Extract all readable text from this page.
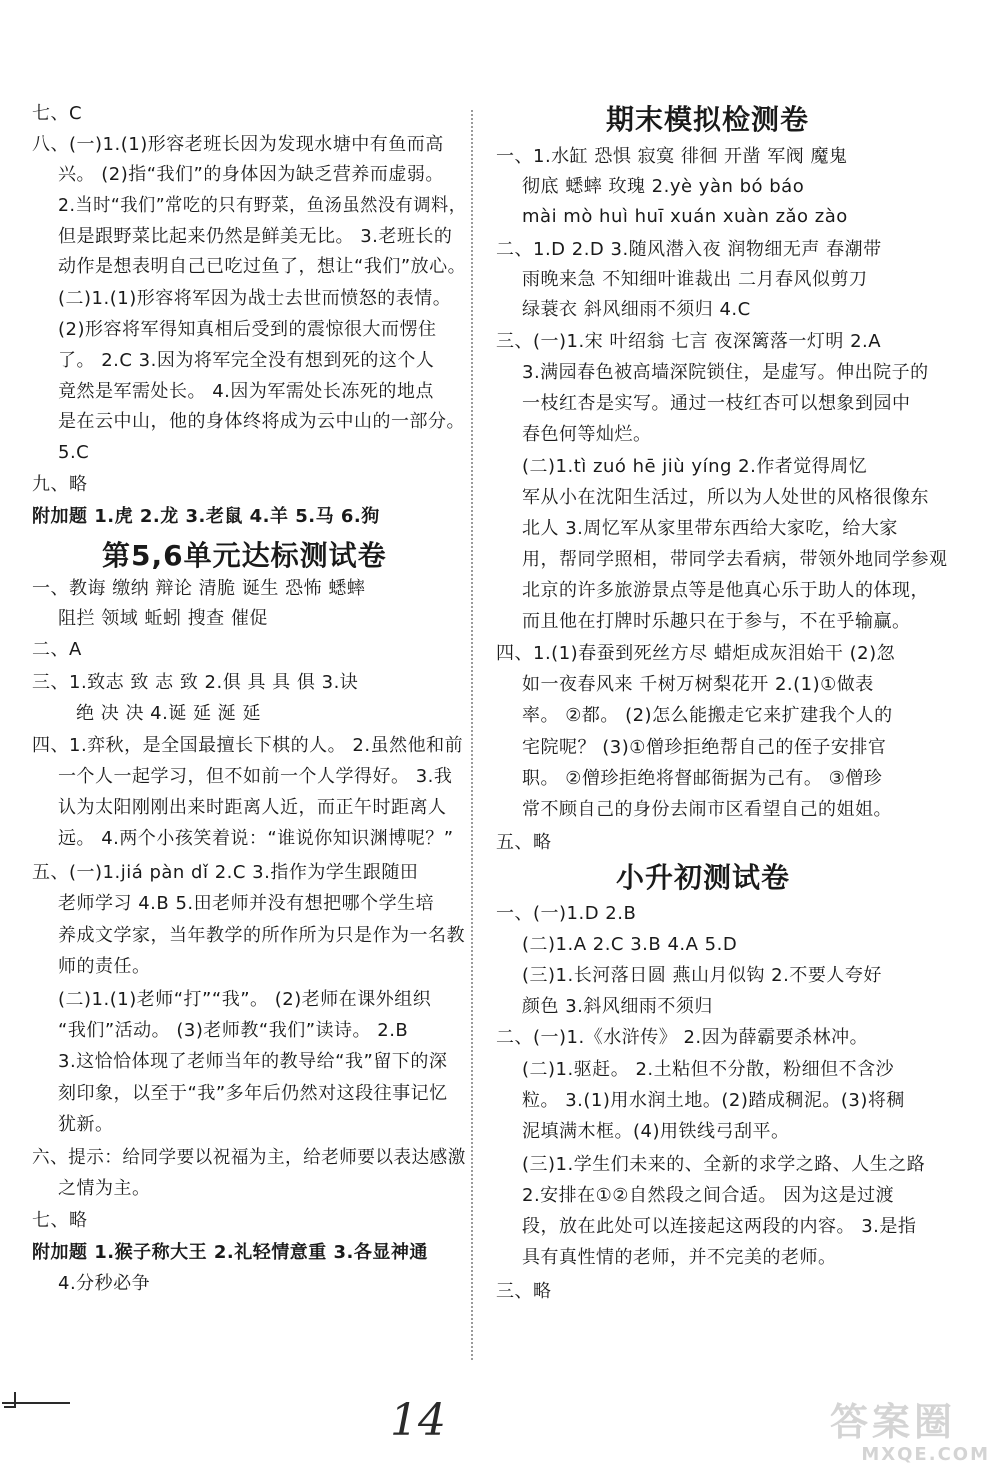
七、C
八、(一)1.(1)形容老班长因为发现水塘中有鱼而高
兴。 (2)指“我们”的身体因为缺乏营养而虚弱。
2.当时“我们”常吃的只有野菜，鱼汤虽然没有调料，
但是跟野菜比起来仍然是鲜美无比。 3.老班长的
动作是想表明自己已吃过鱼了，想让“我们”放心。
(二)1.(1)形容将军因为战士去世而愤怒的表情。
(2)形容将军得知真相后受到的震惊很大而愣住
了。 2.C 3.因为将军完全没有想到死的这个人
竟然是军需处长。 4.因为军需处长冻死的地点
是在云中山，他的身体终将成为云中山的一部分。
5.C
九、略
附加题 1.虎 2.龙 3.老鼠 4.羊 5.马 6.狗
第5,6单元达标测试卷
一、教诲 缴纳 辩论 清脆 诞生 恐怖 蟋蟀
阻拦 领域 蚯蚓 搜查 催促
二、A
三、1.致志 致 志 致 2.俱 具 具 俱 3.诀
绝 决 决 4.诞 延 涎 延
四、1.弈秋，是全国最擅长下棋的人。 2.虽然他和前
一个人一起学习，但不如前一个人学得好。 3.我
认为太阳刚刚出来时距离人近，而正午时距离人
远。 4.两个小孩笑着说：“谁说你知识渊博呢？”
五、(一)1.jiá pàn dǐ 2.C 3.指作为学生跟随田
老师学习 4.B 5.田老师并没有想把哪个学生培
养成文学家，当年教学的所作所为只是作为一名教
师的责任。
(二)1.(1)老师“打”“我”。 (2)老师在课外组织
“我们”活动。 (3)老师教“我们”读诗。 2.B
3.这恰恰体现了老师当年的教导给“我”留下的深
刻印象，以至于“我”多年后仍然对这段往事记忆
犹新。
六、提示：给同学要以祝福为主，给老师要以表达感激
之情为主。
七、略
附加题 1.猴子称大王 2.礼轻情意重 3.各显神通
4.分秒必争
期末模拟检测卷
一、1.水缸 恐惧 寂寞 徘徊 开凿 军阀 魔鬼
彻底 蟋蟀 玫瑰 2.yè yàn bó báo
mài mò huì huī xuán xuàn zǎo zào
二、1.D 2.D 3.随风潜入夜 润物细无声 春潮带
雨晚来急 不知细叶谁裁出 二月春风似剪刀
绿蓑衣 斜风细雨不须归 4.C
三、(一)1.宋 叶绍翁 七言 夜深篱落一灯明 2.A
3.满园春色被高墙深院锁住，是虚写。伸出院子的
一枝红杏是实写。通过一枝红杏可以想象到园中
春色何等灿烂。
(二)1.tì zuó hē jiù yíng 2.作者觉得周忆
军从小在沈阳生活过，所以为人处世的风格很像东
北人 3.周忆军从家里带东西给大家吃，给大家
用，帮同学照相，带同学去看病，带领外地同学参观
北京的许多旅游景点等是他真心乐于助人的体现，
而且他在打牌时乐趣只在于参与，不在乎输赢。
四、1.(1)春蚕到死丝方尽 蜡炬成灰泪始干 (2)忽
如一夜春风来 千树万树梨花开 2.(1)①做表
率。 ②都。 (2)怎么能搬走它来扩建我个人的
宅院呢？ (3)①僧珍拒绝帮自己的侄子安排官
职。 ②僧珍拒绝将督邮衙据为己有。 ③僧珍
常不顾自己的身份去闹市区看望自己的姐姐。
五、略
小升初测试卷
一、(一)1.D 2.B
(二)1.A 2.C 3.B 4.A 5.D
(三)1.长河落日圆 燕山月似钩 2.不要人夸好
颜色 3.斜风细雨不须归
二、(一)1.《水浒传》 2.因为薛霸要杀林冲。
(二)1.驱赶。 2.土粘但不分散，粉细但不含沙
粒。 3.(1)用水润土地。(2)踏成稠泥。(3)将稠
泥填满木框。(4)用铁线弓刮平。
(三)1.学生们未来的、全新的求学之路、人生之路
2.安排在①②自然段之间合适。 因为这是过渡
段，放在此处可以连接起这两段的内容。 3.是指
具有真性情的老师，并不完美的老师。
三、略
14	答案圈
MXQE.COM
